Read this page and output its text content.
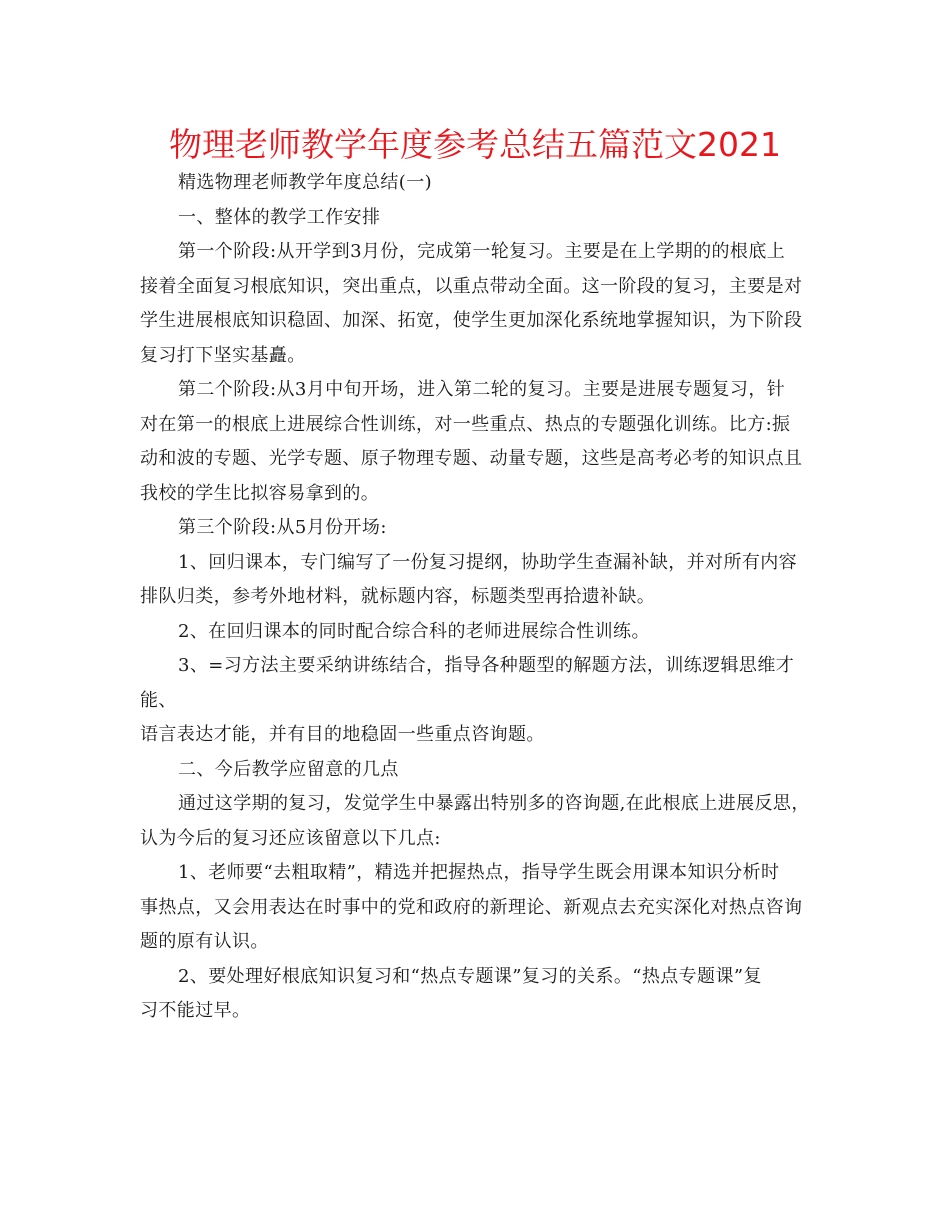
物理老师教学年度参考总结五篇范文2021

精选物理老师教学年度总结(一)

一、整体的教学工作安排

第一个阶段:从开学到3月份，完成第一轮复习。主要是在上学期的的根底上
接着全面复习根底知识，突出重点，以重点带动全面。这一阶段的复习，主要是对
学生进展根底知识稳固、加深、拓宽，使学生更加深化系统地掌握知识，为下阶段
复习打下坚实基矗。

第二个阶段:从3月中旬开场，进入第二轮的复习。主要是进展专题复习，针
对在第一的根底上进展综合性训练，对一些重点、热点的专题强化训练。比方:振
动和波的专题、光学专题、原子物理专题、动量专题，这些是高考必考的知识点且
我校的学生比拟容易拿到的。

第三个阶段:从5月份开场:

1、回归课本，专门编写了一份复习提纲，协助学生查漏补缺，并对所有内容
排队归类，参考外地材料，就标题内容，标题类型再拾遗补缺。

2、在回归课本的同时配合综合科的老师进展综合性训练。

3、=习方法主要采纳讲练结合，指导各种题型的解题方法，训练逻辑思维才能、
语言表达才能，并有目的地稳固一些重点咨询题。

二、今后教学应留意的几点

通过这学期的复习，发觉学生中暴露出特别多的咨询题,在此根底上进展反思，
认为今后的复习还应该留意以下几点:

1、老师要“去粗取精”，精选并把握热点，指导学生既会用课本知识分析时
事热点，又会用表达在时事中的党和政府的新理论、新观点去充实深化对热点咨询
题的原有认识。

2、要处理好根底知识复习和“热点专题课”复习的关系。“热点专题课”复
习不能过早。
